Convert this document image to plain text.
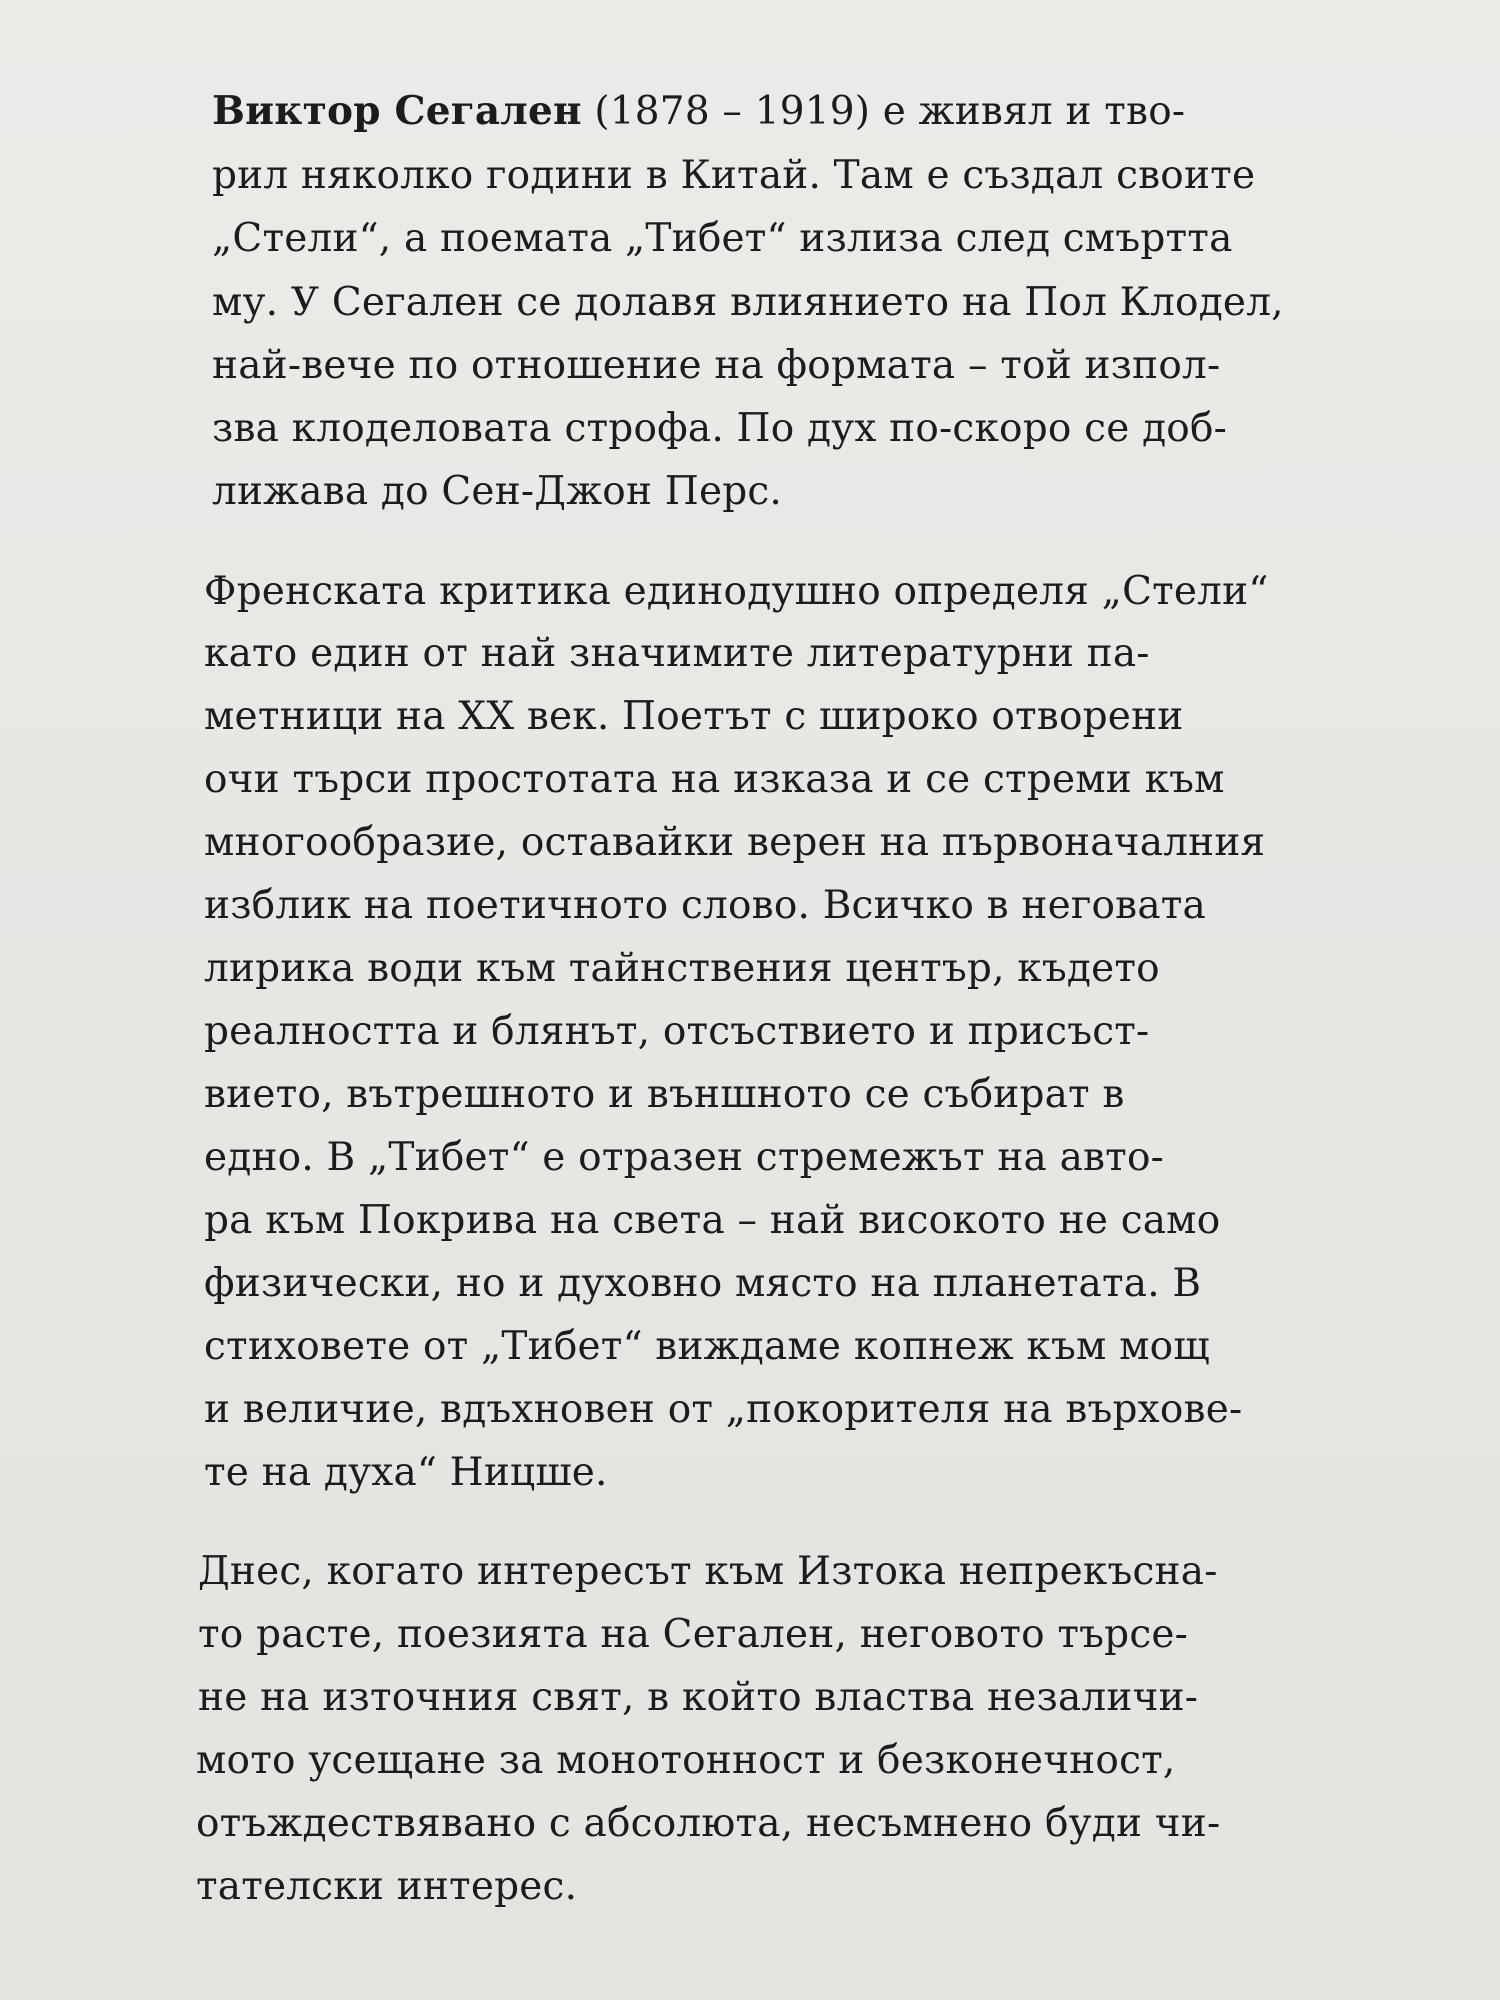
Виктор Сегален (1878 – 1919) е живял и тво-
рил няколко години в Китай. Там е създал своите
„Стели“, а поемата „Тибет“ излиза след смъртта
му. У Сегален се долавя влиянието на Пол Клодел,
най-вече по отношение на формата – той изпол-
зва клоделовата строфа. По дух по-скоро се доб-
лижава до Сен-Джон Перс.
Френската критика единодушно определя „Стели“
като един от най значимите литературни па-
метници на XX век. Поетът с широко отворени
очи търси простотата на изказа и се стреми към
многообразие, оставайки верен на първоначалния
изблик на поетичното слово. Всичко в неговата
лирика води към тайнствения център, където
реалността и блянът, отсъствието и присъст-
вието, вътрешното и външното се събират в
едно. В „Тибет“ е отразен стремежът на авто-
ра към Покрива на света – най високото не само
физически, но и духовно място на планетата. В
стиховете от „Тибет“ виждаме копнеж към мощ
и величие, вдъхновен от „покорителя на върхове-
те на духа“ Ницше.
Днес, когато интересът към Изтока непрекъсна-
то расте, поезията на Сегален, неговото търсе-
не на източния свят, в който властва незаличи-
мото усещане за монотонност и безконечност,
отъждествявано с абсолюта, несъмнено буди чи-
тателски интерес.
